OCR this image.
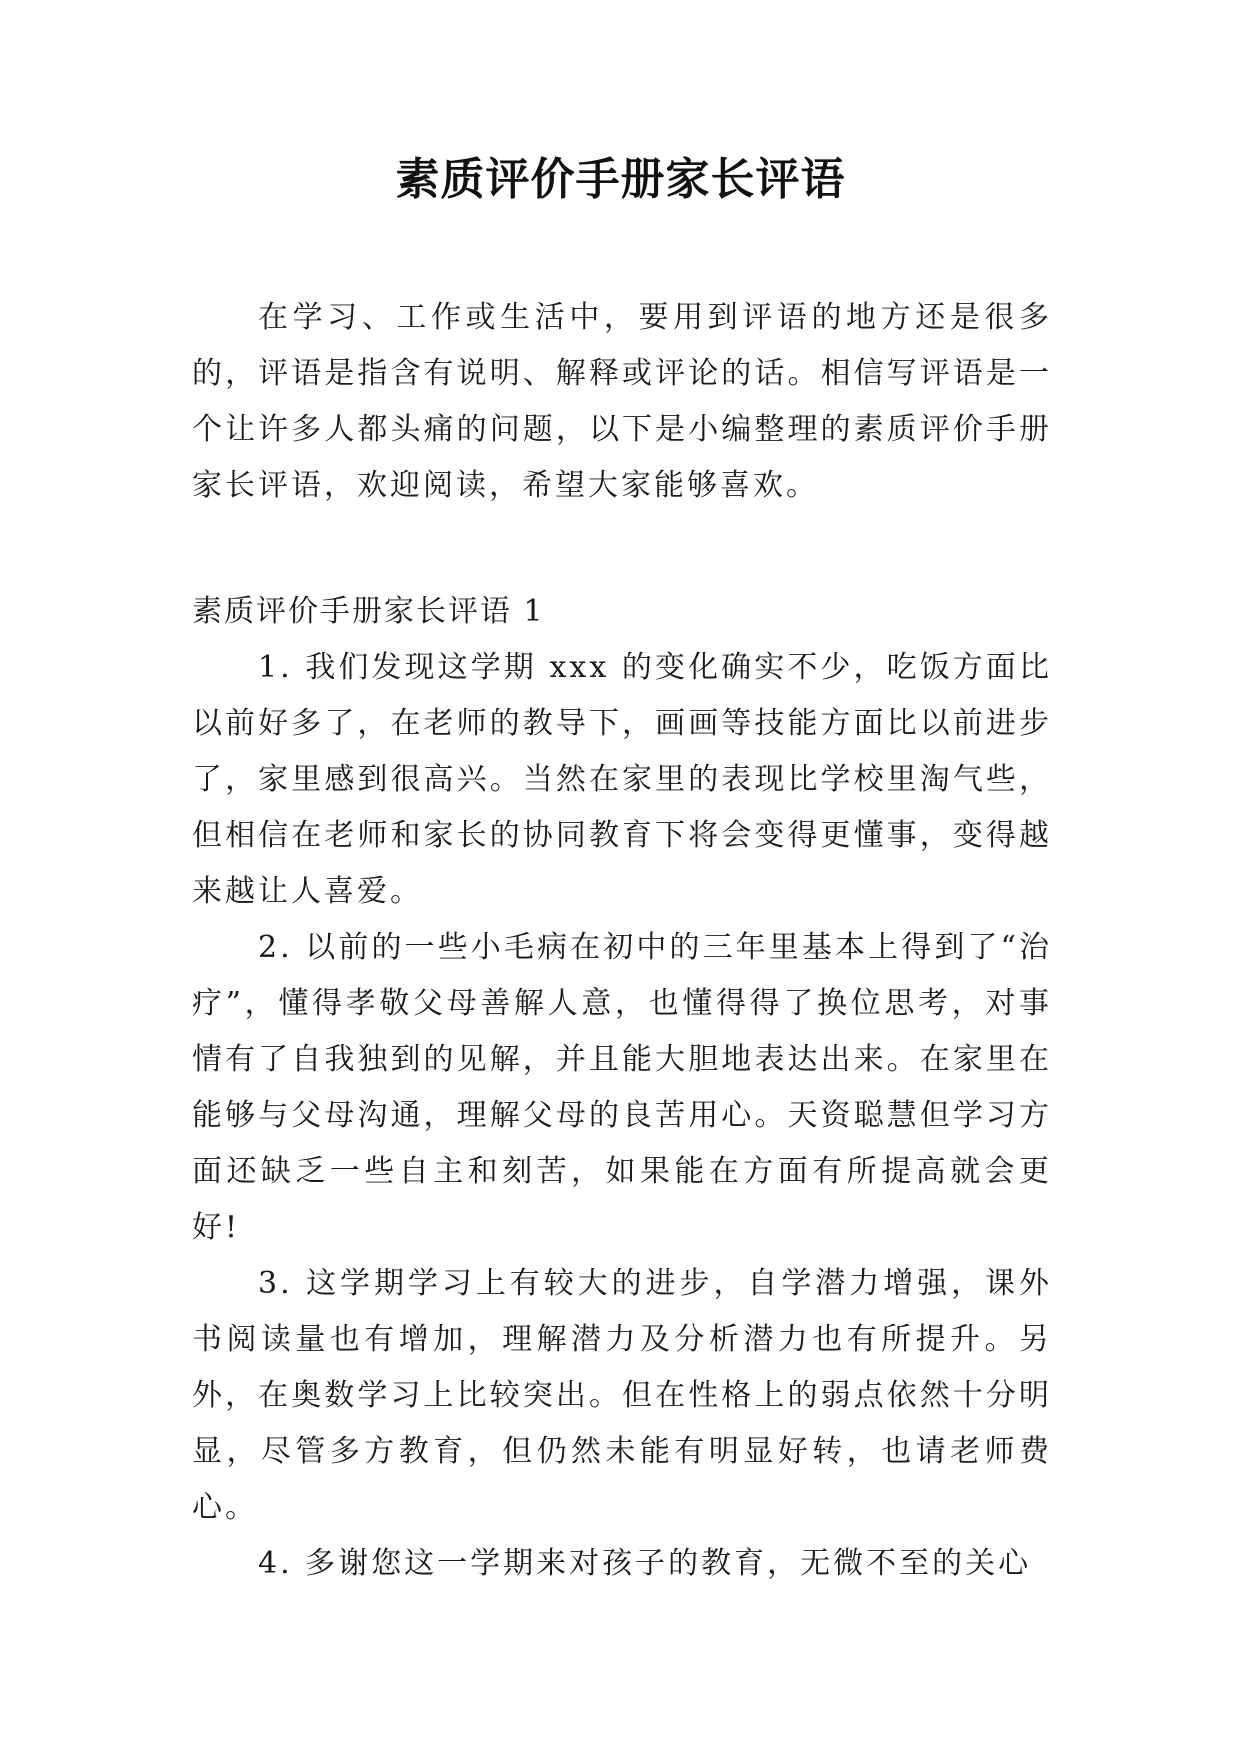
素质评价手册家长评语

在学习、工作或生活中，要用到评语的地方还是很多的，评语是指含有说明、解释或评论的话。相信写评语是一个让许多人都头痛的问题，以下是小编整理的素质评价手册家长评语，欢迎阅读，希望大家能够喜欢。

素质评价手册家长评语 1

1. 我们发现这学期 xxx 的变化确实不少，吃饭方面比以前好多了，在老师的教导下，画画等技能方面比以前进步了，家里感到很高兴。当然在家里的表现比学校里淘气些，但相信在老师和家长的协同教育下将会变得更懂事，变得越来越让人喜爱。

2. 以前的一些小毛病在初中的三年里基本上得到了“治疗”，懂得孝敬父母善解人意，也懂得得了换位思考，对事情有了自我独到的见解，并且能大胆地表达出来。在家里在能够与父母沟通，理解父母的良苦用心。天资聪慧但学习方面还缺乏一些自主和刻苦，如果能在方面有所提高就会更好!

3. 这学期学习上有较大的进步，自学潜力增强，课外书阅读量也有增加，理解潜力及分析潜力也有所提升。另外，在奥数学习上比较突出。但在性格上的弱点依然十分明显，尽管多方教育，但仍然未能有明显好转，也请老师费心。

4. 多谢您这一学期来对孩子的教育，无微不至的关心
